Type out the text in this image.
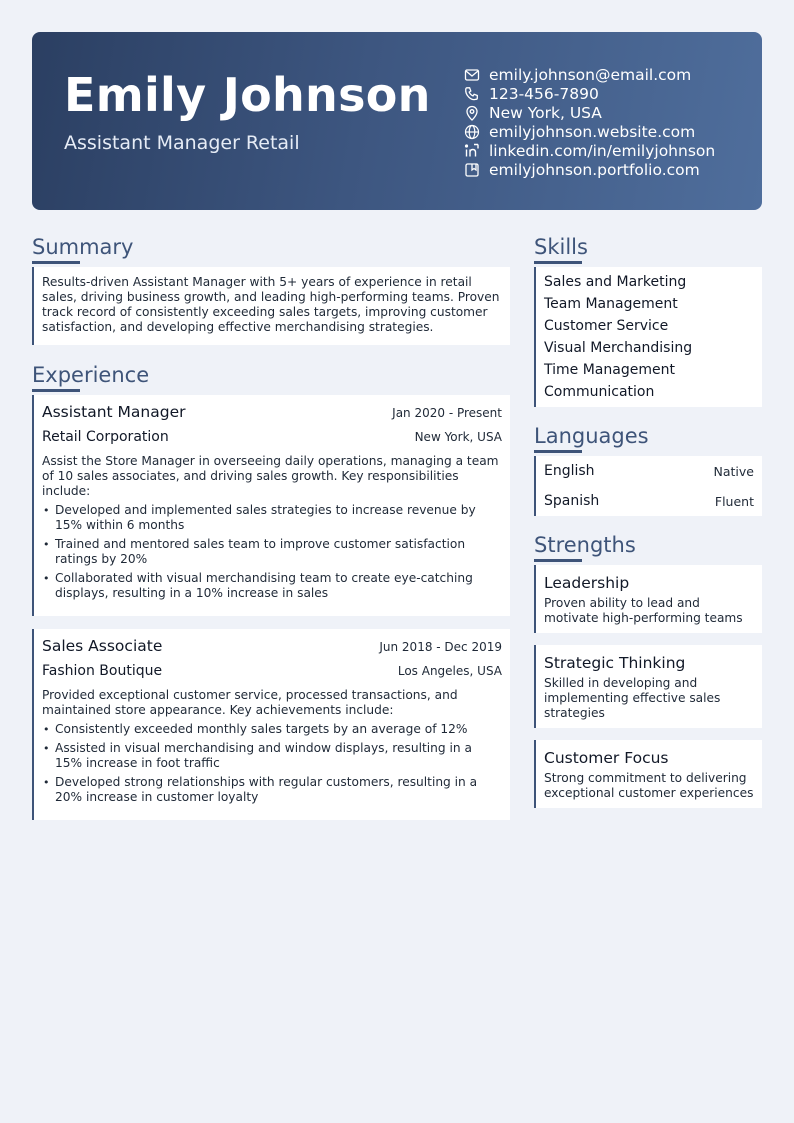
Emily Johnson
Assistant Manager Retail
emily.johnson@email.com
123-456-7890
New York, USA
emilyjohnson.website.com
linkedin.com/in/emilyjohnson
emilyjohnson.portfolio.com
Summary

Results-driven Assistant Manager with 5+ years of experience in retail sales, driving business growth, and leading high-performing teams. Proven track record of consistently exceeding sales targets, improving customer satisfaction, and developing effective merchandising strategies.

Experience
Assistant Manager	Jan 2020 - Present
Retail Corporation	New York, USA

Assist the Store Manager in overseeing daily operations, managing a team of 10 sales associates, and driving sales growth. Key responsibilities include:

• Developed and implemented sales strategies to increase revenue by 15% within 6 months
• Trained and mentored sales team to improve customer satisfaction ratings by 20%
• Collaborated with visual merchandising team to create eye-catching displays, resulting in a 10% increase in sales
Sales Associate	Jun 2018 - Dec 2019
Fashion Boutique	Los Angeles, USA

Provided exceptional customer service, processed transactions, and maintained store appearance. Key achievements include:

• Consistently exceeded monthly sales targets by an average of 12%
• Assisted in visual merchandising and window displays, resulting in a 15% increase in foot traffic
• Developed strong relationships with regular customers, resulting in a 20% increase in customer loyalty
Skills
Sales and Marketing
Team Management
Customer Service
Visual Merchandising
Time Management
Communication
Languages
English	Native
Spanish	Fluent
Strengths
Leadership

Proven ability to lead and motivate high-performing teams

Strategic Thinking

Skilled in developing and implementing effective sales strategies

Customer Focus

Strong commitment to delivering exceptional customer experiences
